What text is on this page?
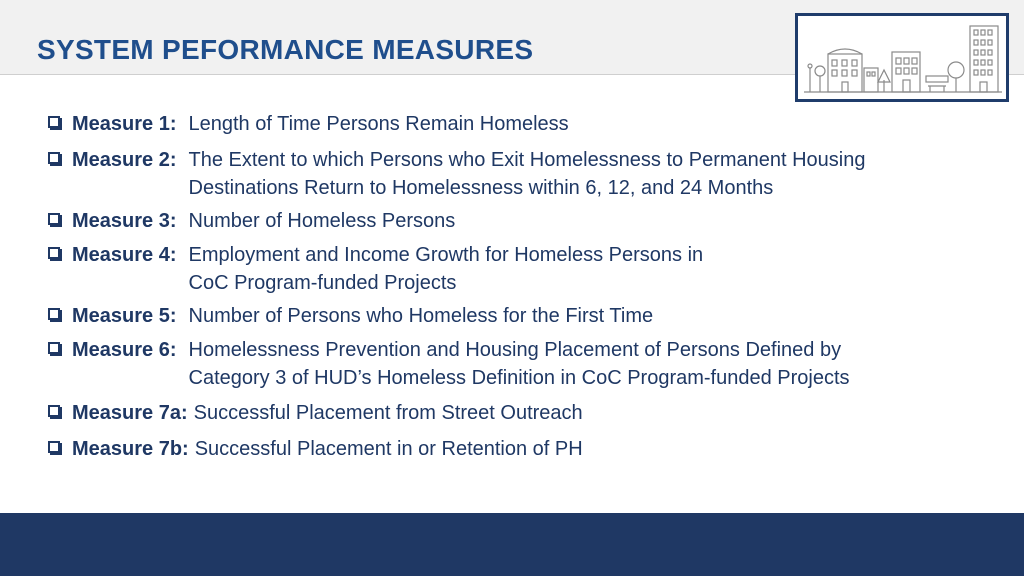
SYSTEM PEFORMANCE MEASURES
Measure 1: Length of Time Persons Remain Homeless
Measure 2: The Extent to which Persons who Exit Homelessness to Permanent Housing Destinations Return to Homelessness within 6, 12, and 24 Months
Measure 3: Number of Homeless Persons
Measure 4: Employment and Income Growth for Homeless Persons in CoC Program-funded Projects
Measure 5: Number of Persons who Homeless for the First Time
Measure 6: Homelessness Prevention and Housing Placement of Persons Defined by Category 3 of HUD’s Homeless Definition in CoC Program-funded Projects
Measure 7a: Successful Placement from Street Outreach
Measure 7b: Successful Placement in or Retention of PH
